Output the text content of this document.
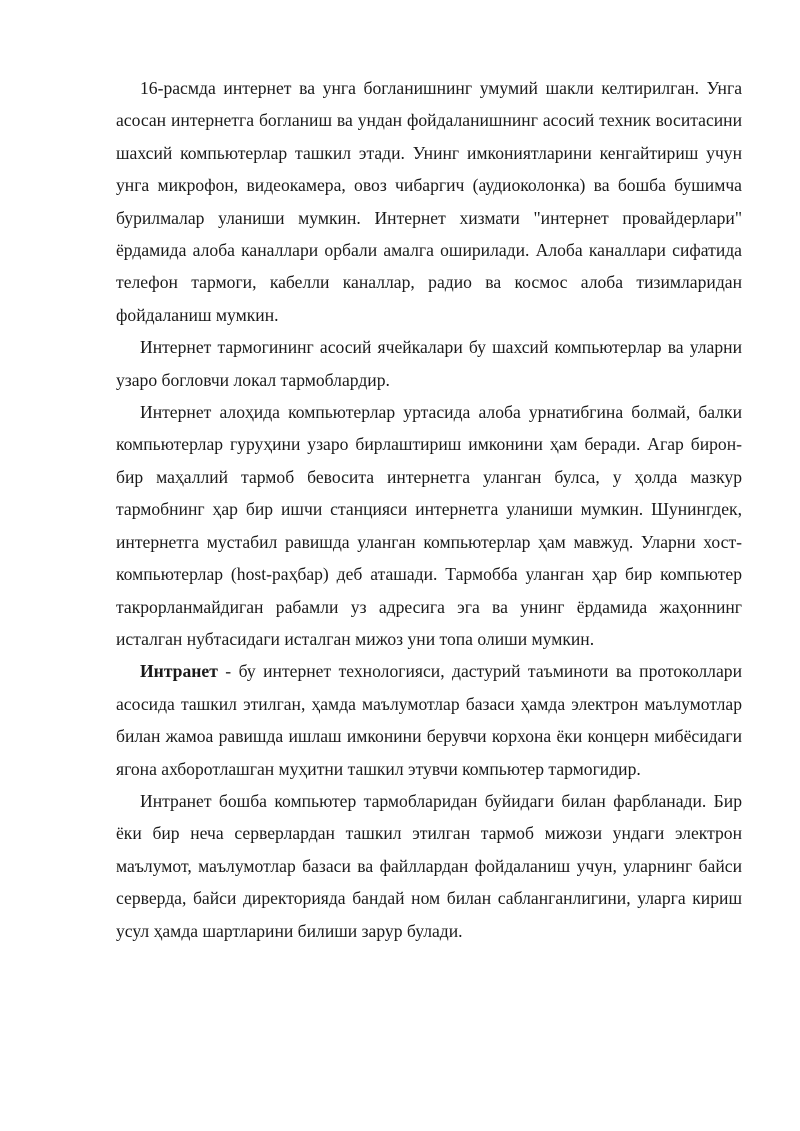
16-расмда интернет ва унга богланишнинг умумий шакли келтирилган. Унга асосан интернетга богланиш ва ундан фойдаланишнинг асосий техник воситасини шахсий компьютерлар ташкил этади. Унинг имкониятларини кенгайтириш учун унга микрофон, видеокамера, овоз чибаргич (аудиоколонка) ва бошба бушимча бурилмалар уланиши мумкин. Интернет хизмати "интернет провайдерлари" ёрдамида алоба каналлари орбали амалга оширилади. Алоба каналлари сифатида телефон тармоги, кабелли каналлар, радио ва космос алоба тизимларидан фойдаланиш мумкин.

Интернет тармогининг асосий ячейкалари бу шахсий компьютерлар ва уларни узаро богловчи локал тармоблардир.

Интернет алоҳида компьютерлар уртасида алоба урнатибгина болмай, балки компьютерлар гуруҳини узаро бирлаштириш имконини ҳам беради. Агар бирон-бир маҳаллий тармоб бевосита интернетга уланган булса, у ҳолда мазкур тармобнинг ҳар бир ишчи станцияси интернетга уланиши мумкин. Шунингдек, интернетга мустабил равишда уланган компьютерлар ҳам мавжуд. Уларни хост-компьютерлар (host-раҳбар) деб аташади. Тармобба уланган ҳар бир компьютер такрорланмайдиган рабамли уз адресига эга ва унинг ёрдамида жаҳоннинг исталган нубтасидаги исталган мижоз уни топа олиши мумкин.

Интранет - бу интернет технологияси, дастурий таъминоти ва протоколлари асосида ташкил этилган, ҳамда маълумотлар базаси ҳамда электрон маълумотлар билан жамоа равишда ишлаш имконини берувчи корхона ёки концерн мибёсидаги ягона ахборотлашган муҳитни ташкил этувчи компьютер тармогидир.

Интранет бошба компьютер тармобларидан буйидаги билан фарбланади. Бир ёки бир неча серверлардан ташкил этилган тармоб мижози ундаги электрон маълумот, маълумотлар базаси ва файллардан фойдаланиш учун, уларнинг байси серверда, байси директорияда бандай ном билан сабланганлигини, уларга кириш усул ҳамда шартларини билиши зарур булади.
